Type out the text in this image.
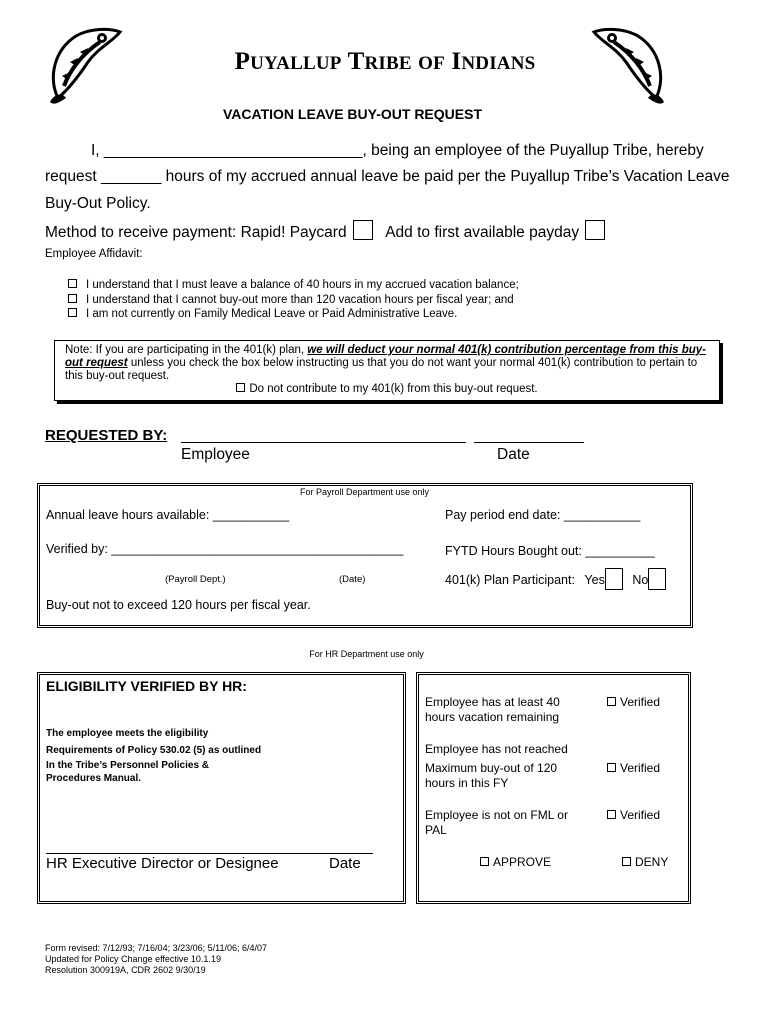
PUYALLUP TRIBE OF INDIANS
VACATION LEAVE BUY-OUT REQUEST
I, ______________________________, being an employee of the Puyallup Tribe, hereby
request _______ hours of my accrued annual leave be paid per the Puyallup Tribe’s Vacation Leave
Buy-Out Policy.
Method to receive payment: Rapid! Paycard Add to first available payday
Employee Affidavit:
I understand that I must leave a balance of 40 hours in my accrued vacation balance;
I understand that I cannot buy-out more than 120 vacation hours per fiscal year; and
I am not currently on Family Medical Leave or Paid Administrative Leave.
Note: If you are participating in the 401(k) plan, we will deduct your normal 401(k) contribution percentage from this buy-out request unless you check the box below instructing us that you do not want your normal 401(k) contribution to pertain to this buy-out request.
Do not contribute to my 401(k) from this buy-out request.
REQUESTED BY:
Employee	Date
For Payroll Department use only
Annual leave hours available: ___________	Pay period end date: ___________
Verified by: __________________________________________	FYTD Hours Bought out: __________
(Payroll Dept.)	(Date)	401(k) Plan Participant: Yes No
Buy-out not to exceed 120 hours per fiscal year.
For HR Department use only
ELIGIBILITY VERIFIED BY HR:
The employee meets the eligibility
Requirements of Policy 530.02 (5) as outlined
In the Tribe’s Personnel Policies &
Procedures Manual.
HR Executive Director or Designee	Date
Employee has at least 40 hours vacation remaining
Verified
Employee has not reached
Maximum buy-out of 120 hours in this FY
Verified
Employee is not on FML or PAL
Verified
APPROVE	DENY
Form revised: 7/12/93; 7/16/04; 3/23/06; 5/11/06; 6/4/07
Updated for Policy Change effective 10.1.19
Resolution 300919A, CDR 2602 9/30/19
